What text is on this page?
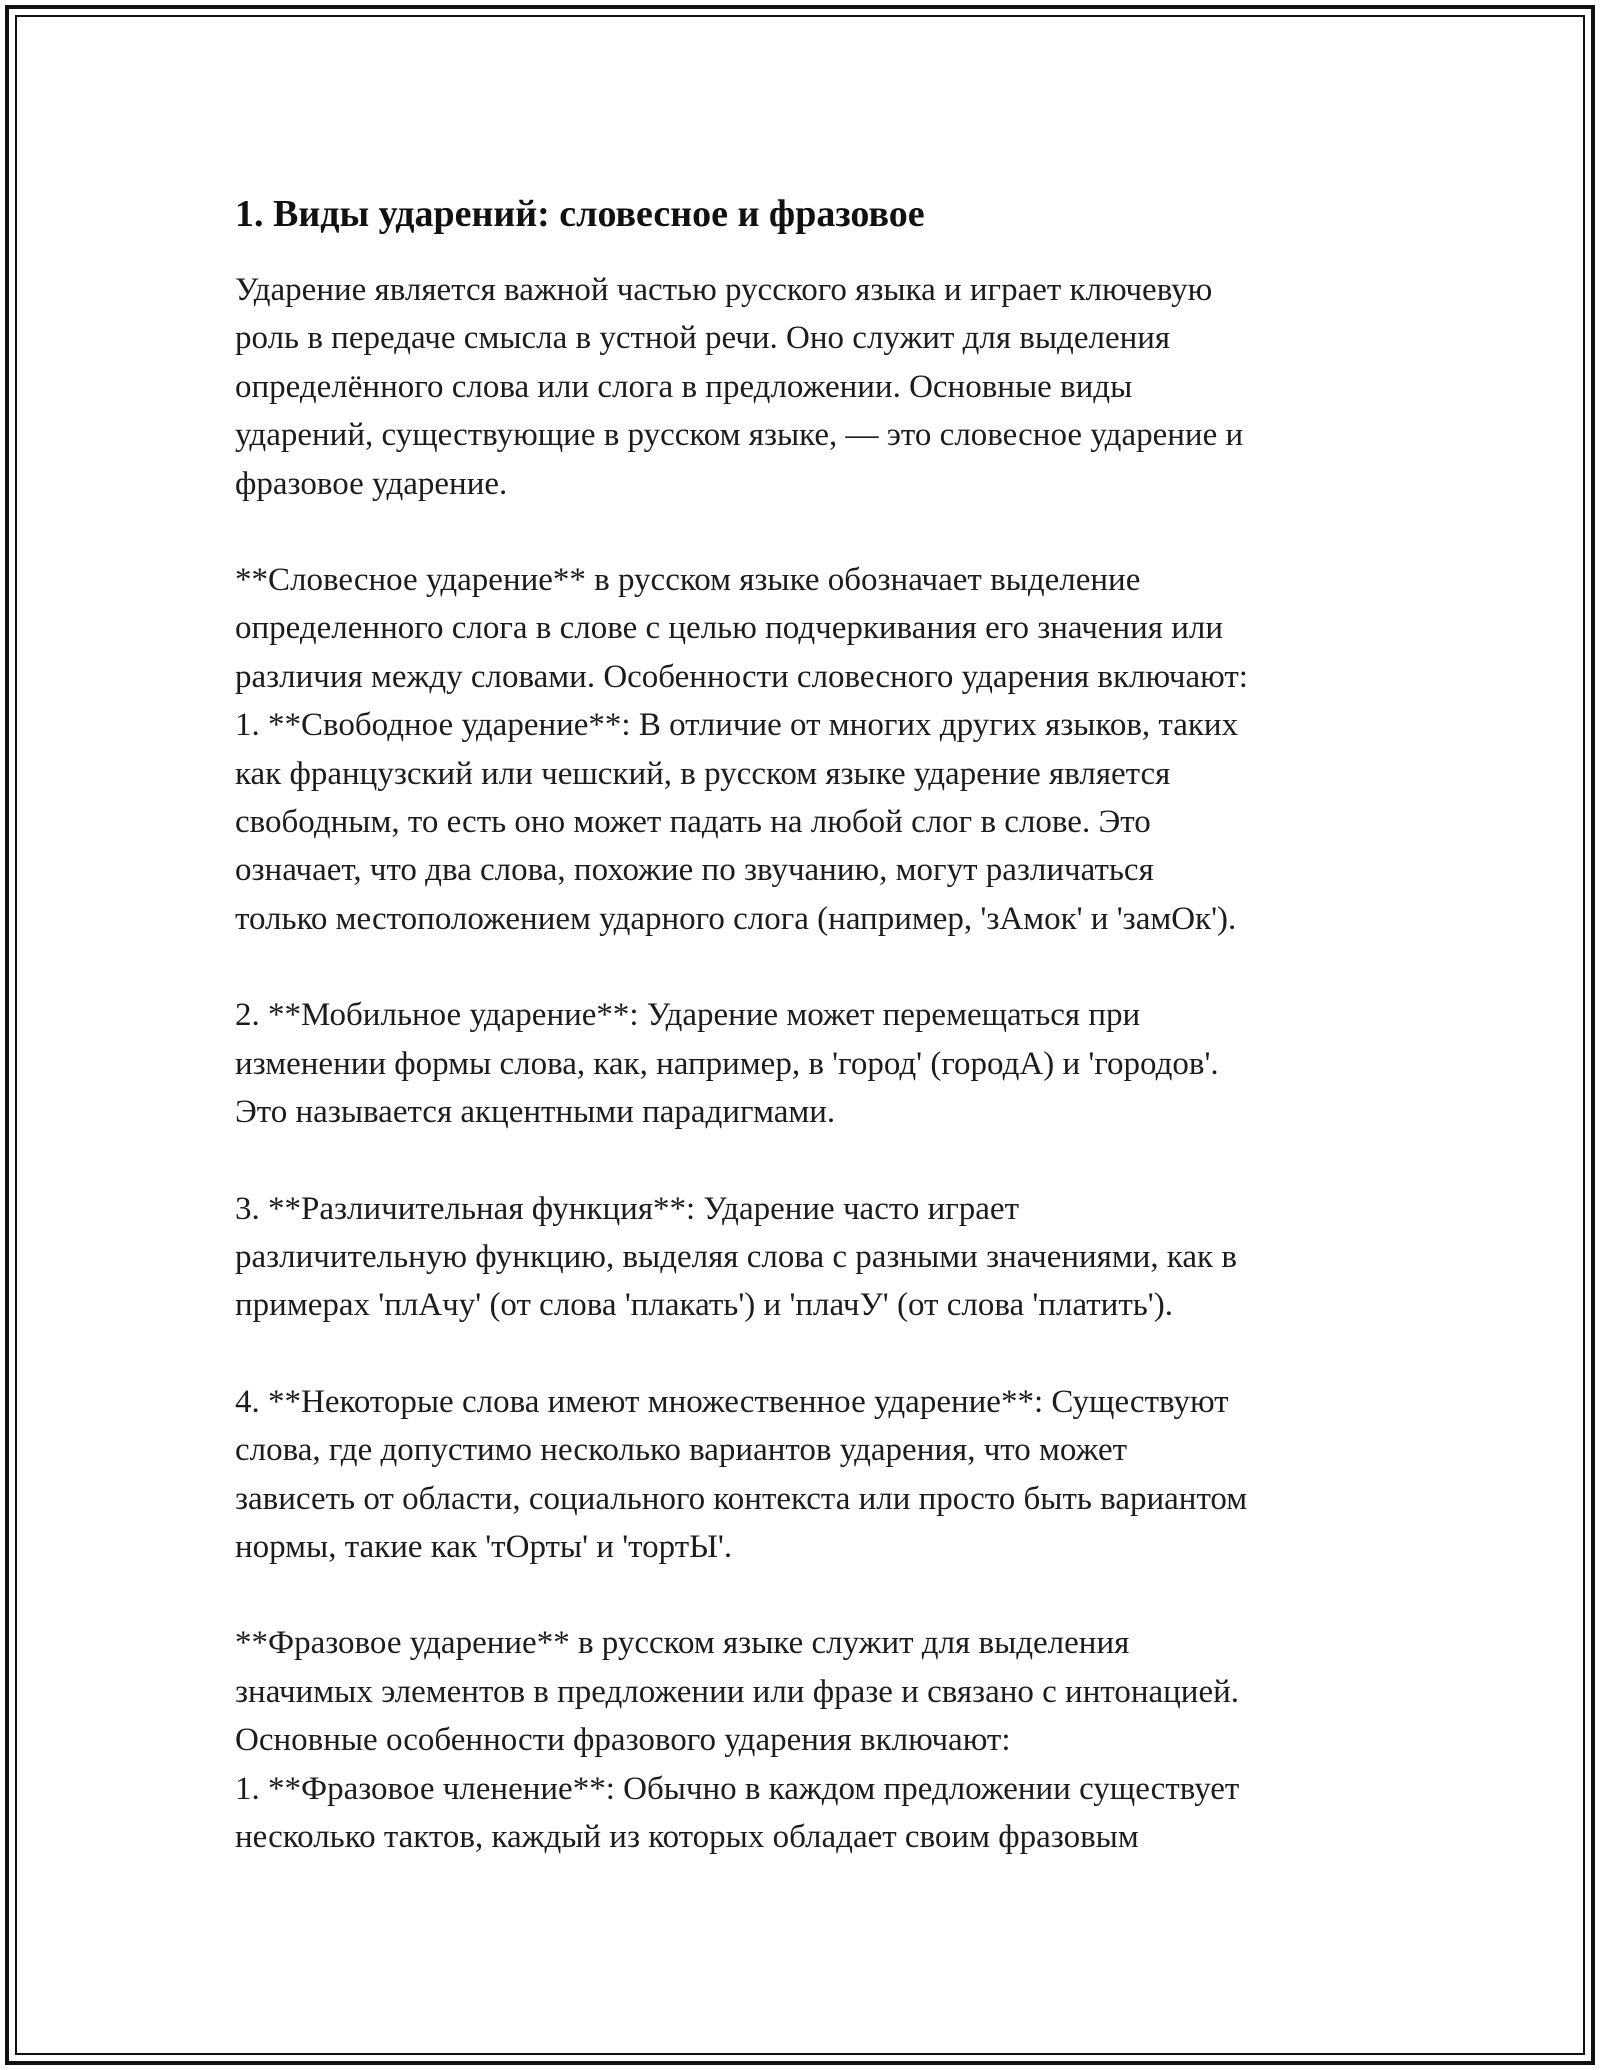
1. Виды ударений: словесное и фразовое

Ударение является важной частью русского языка и играет ключевую
роль в передаче смысла в устной речи. Оно служит для выделения
определённого слова или слога в предложении. Основные виды
ударений, существующие в русском языке, — это словесное ударение и
фразовое ударение.

**Словесное ударение** в русском языке обозначает выделение
определенного слога в слове с целью подчеркивания его значения или
различия между словами. Особенности словесного ударения включают:
1. **Свободное ударение**: В отличие от многих других языков, таких
как французский или чешский, в русском языке ударение является
свободным, то есть оно может падать на любой слог в слове. Это
означает, что два слова, похожие по звучанию, могут различаться
только местоположением ударного слога (например, 'зАмок' и 'замОк').

2. **Мобильное ударение**: Ударение может перемещаться при
изменении формы слова, как, например, в 'город' (городА) и 'городов'.
Это называется акцентными парадигмами.

3. **Различительная функция**: Ударение часто играет
различительную функцию, выделяя слова с разными значениями, как в
примерах 'плАчу' (от слова 'плакать') и 'плачУ' (от слова 'платить').

4. **Некоторые слова имеют множественное ударение**: Существуют
слова, где допустимо несколько вариантов ударения, что может
зависеть от области, социального контекста или просто быть вариантом
нормы, такие как 'тОрты' и 'тортЫ'.

**Фразовое ударение** в русском языке служит для выделения
значимых элементов в предложении или фразе и связано с интонацией.
Основные особенности фразового ударения включают:
1. **Фразовое членение**: Обычно в каждом предложении существует
несколько тактов, каждый из которых обладает своим фразовым
